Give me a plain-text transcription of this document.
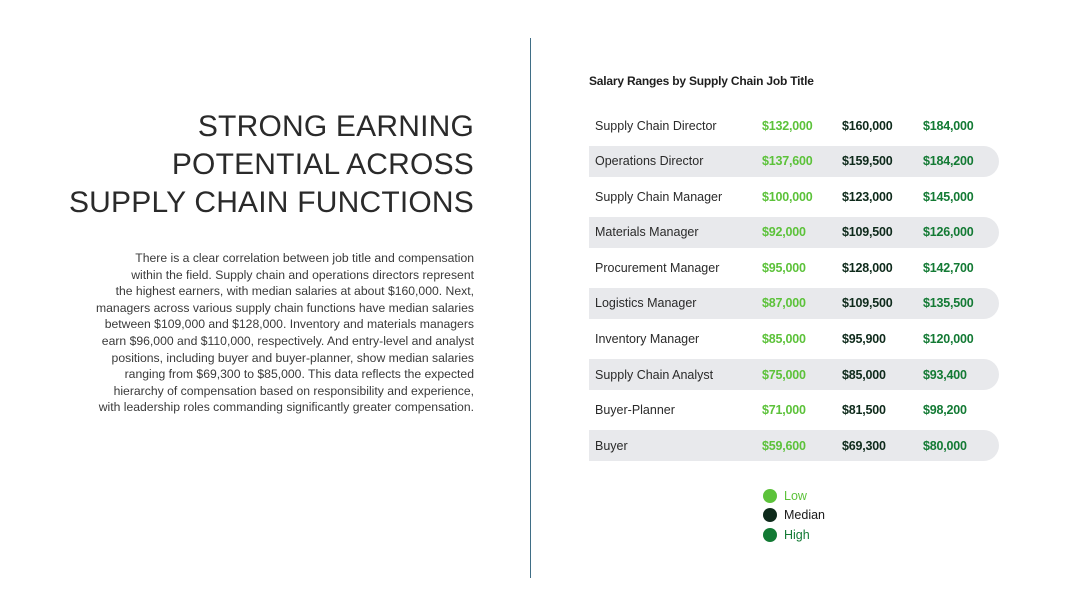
STRONG EARNING
POTENTIAL ACROSS
SUPPLY CHAIN FUNCTIONS
There is a clear correlation between job title and compensation
within the field. Supply chain and operations directors represent
the highest earners, with median salaries at about $160,000. Next,
managers across various supply chain functions have median salaries
between $109,000 and $128,000. Inventory and materials managers
earn $96,000 and $110,000, respectively. And entry-level and analyst
positions, including buyer and buyer-planner, show median salaries
ranging from $69,300 to $85,000. This data reflects the expected
hierarchy of compensation based on responsibility and experience,
with leadership roles commanding significantly greater compensation.
Salary Ranges by Supply Chain Job Title
Supply Chain Director	$132,000 $160,000 $184,000
Operations Director	$137,600 $159,500 $184,200
Supply Chain Manager	$100,000 $123,000 $145,000
Materials Manager	$92,000	$109,500 $126,000
Procurement Manager	$95,000	$128,000 $142,700
Logistics Manager	$87,000	$109,500 $135,500
Inventory Manager	$85,000	$95,900	$120,000
Supply Chain Analyst	$75,000	$85,000	$93,400
Buyer-Planner	$71,000	$81,500	$98,200
Buyer	$59,600	$69,300	$80,000
Low
Median
High
